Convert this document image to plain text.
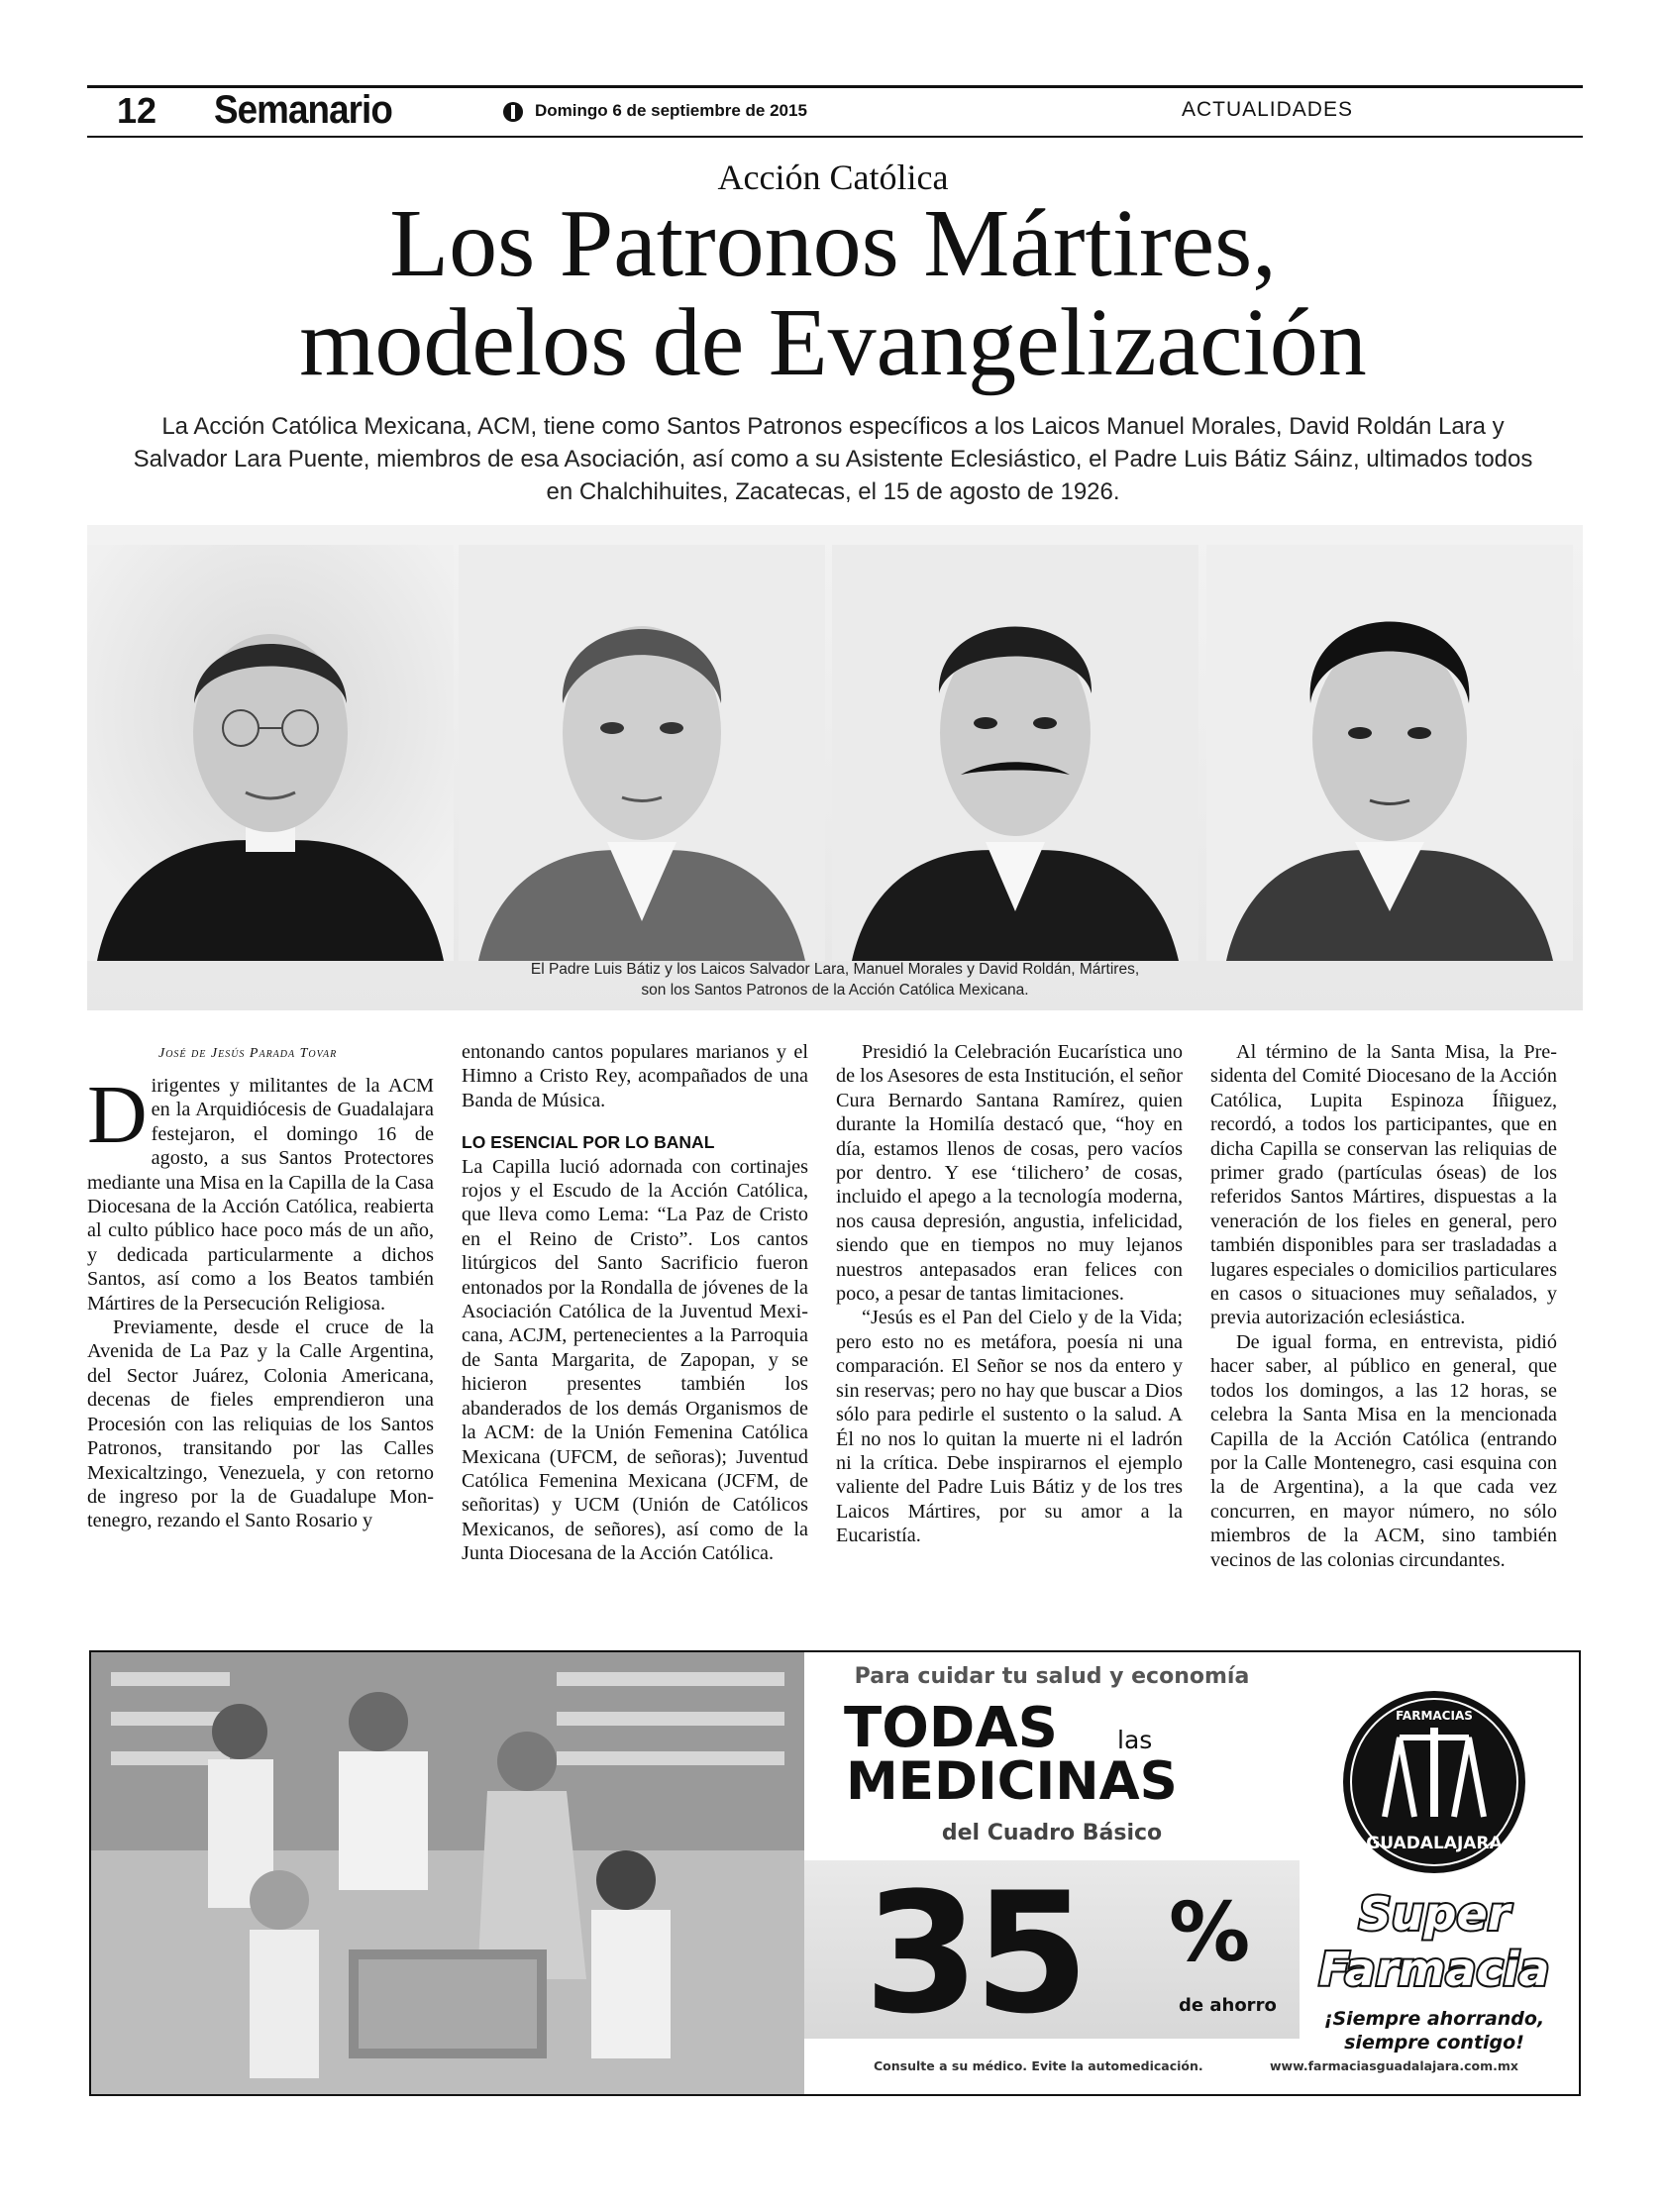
12 Semanario	Domingo 6 de septiembre de 2015	ACTUALIDADES
Acción Católica
Los Patronos Mártires,
modelos de Evangelización
La Acción Católica Mexicana, ACM, tiene como Santos Patronos específicos a los Laicos Manuel Morales, David Roldán Lara y Salvador Lara Puente, miembros de esa Asociación, así como a su Asistente Eclesiástico, el Padre Luis Bátiz Sáinz, ultimados todos en Chalchihuites, Zacatecas, el 15 de agosto de 1926.
El Padre Luis Bátiz y los Laicos Salvador Lara, Manuel Morales y David Roldán, Mártires,
son los Santos Patronos de la Acción Católica Mexicana.
José de Jesús Parada Tovar

Dirigentes y militantes de la ACM en la Arquidiócesis de Guadalajara festejaron, el domingo 16 de agosto, a sus Santos Protectores mediante una Misa en la Capilla de la Casa Diocesana de la Acción Católica, reabierta al culto público hace poco más de un año, y dedicada particularmente a dichos Santos, así como a los Beatos también Mártires de la Persecución Religiosa.

Previamente, desde el cruce de la Avenida de La Paz y la Calle Argentina, del Sector Juárez, Colonia Americana, decenas de fieles emprendieron una Procesión con las reliquias de los Santos Patronos, transitando por las Calles Mexicaltzingo, Venezuela, y con retorno de ingreso por la de Guadalupe Montenegro, rezando el Santo Rosario y

entonando cantos populares marianos y el Himno a Cristo Rey, acompañados de una Banda de Música.

LO ESENCIAL POR LO BANAL

La Capilla lució adornada con cortinajes rojos y el Escudo de la Acción Católica, que lleva como Lema: “La Paz de Cristo en el Reino de Cristo”. Los cantos litúrgicos del Santo Sacrificio fueron entonados por la Rondalla de jóvenes de la Asociación Católica de la Juventud Mexicana, ACJM, pertenecientes a la Parroquia de Santa Margarita, de Zapopan, y se hicieron presentes también los abanderados de los demás Organismos de la ACM: de la Unión Femenina Católica Mexicana (UFCM, de señoras); Juventud Católica Femenina Mexicana (JCFM, de señoritas) y UCM (Unión de Católicos Mexicanos, de señores), así como de la Junta Diocesana de la Acción Católica.

Presidió la Celebración Eucarística uno de los Asesores de esta Institución, el señor Cura Bernardo Santana Ramírez, quien durante la Homilía destacó que, “hoy en día, estamos llenos de cosas, pero vacíos por dentro. Y ese ‘tilichero’ de cosas, incluido el apego a la tecnología moderna, nos causa depresión, angustia, infelicidad, siendo que en tiempos no muy lejanos nuestros antepasados eran felices con poco, a pesar de tantas limitaciones.

“Jesús es el Pan del Cielo y de la Vida; pero esto no es metáfora, poesía ni una comparación. El Señor se nos da entero y sin reservas; pero no hay que buscar a Dios sólo para pedirle el sustento o la salud. A Él no nos lo quitan la muerte ni el ladrón ni la crítica. Debe inspirarnos el ejemplo valiente del Padre Luis Bátiz y de los tres Laicos Mártires, por su amor a la Eucaristía.

Al término de la Santa Misa, la Presidenta del Comité Diocesano de la Acción Católica, Lupita Espinoza Íñiguez, recordó, a todos los participantes, que en dicha Capilla se conservan las reliquias de primer grado (partículas óseas) de los referidos Santos Mártires, dispuestas a la veneración de los fieles en general, pero también disponibles para ser trasladadas a lugares especiales o domicilios particulares en casos o situaciones muy señalados, y previa autorización eclesiástica.

De igual forma, en entrevista, pidió hacer saber, al público en general, que todos los domingos, a las 12 horas, se celebra la Santa Misa en la mencionada Capilla de la Acción Católica (entrando por la Calle Montenegro, casi esquina con la de Argentina), a la que cada vez concurren, en mayor número, no sólo miembros de la ACM, sino también vecinos de las colonias circundantes.

Para cuidar tu salud y economía
TODAS las
MEDICINAS
del Cuadro Básico
35 %
de ahorro
GUADALAJARA
FARMACIAS
Super
Farmacia
¡Siempre ahorrando,
siempre contigo!
Consulte a su médico. Evite la automedicación.	www.farmaciasguadalajara.com.mx
